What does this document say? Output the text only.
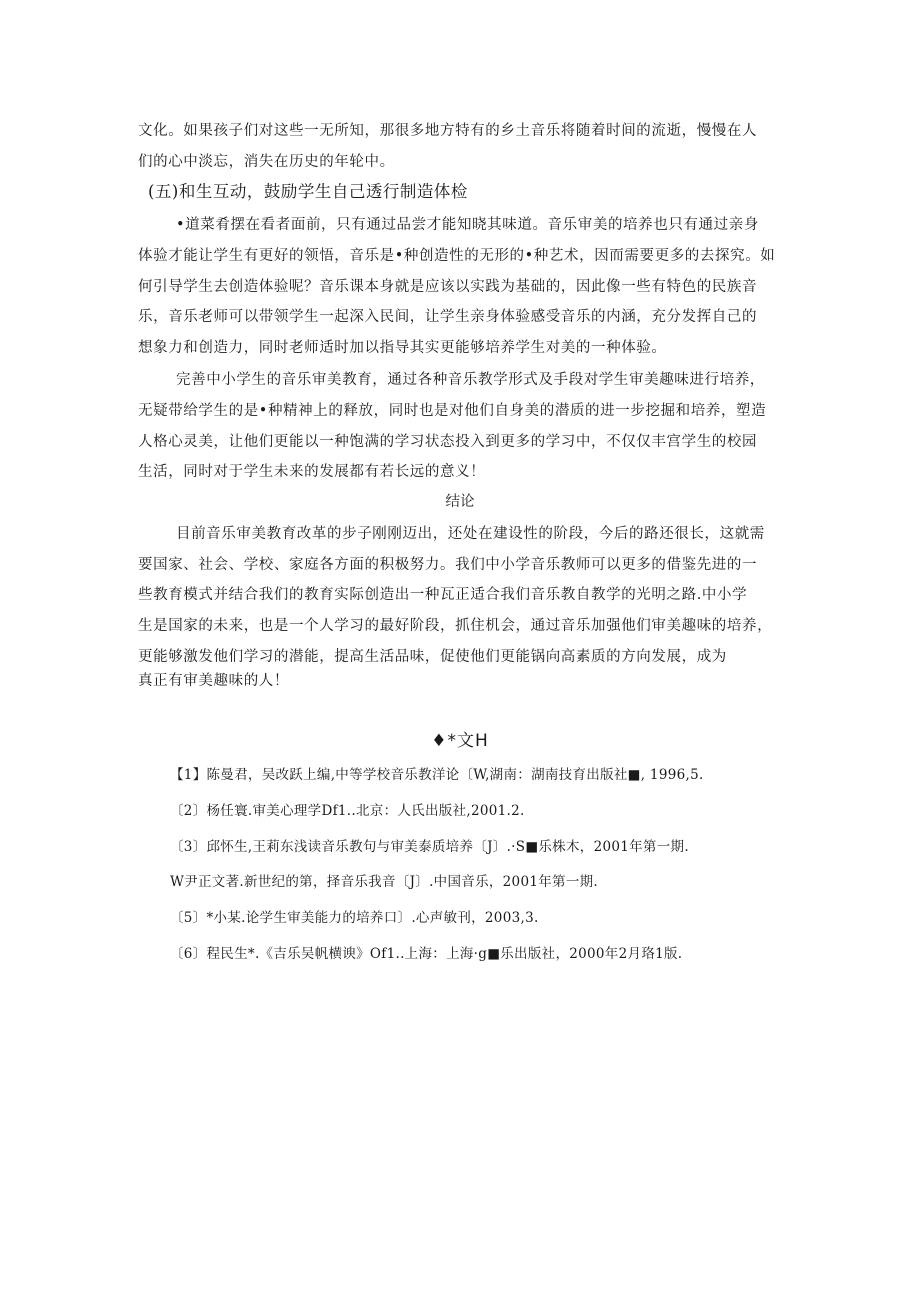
文化。如果孩子们对这些一无所知，那很多地方特有的乡土音乐将随着时间的流逝，慢慢在人
们的心中淡忘，消失在历史的年轮中。
(五)和生互动，鼓励学生自己透行制造体检
•道菜肴摆在看者面前，只有通过品尝才能知晓其味道。音乐审美的培养也只有通过亲身
体验才能让学生有更好的领悟，音乐是•种创造性的无形的•种艺术，因而需要更多的去探究。如
何引导学生去创造体验呢？音乐课本身就是应该以实践为基础的，因此像一些有特色的民族音
乐，音乐老师可以带领学生一起深入民间，让学生亲身体验感受音乐的内涵，充分发挥自己的
想象力和创造力，同时老师适时加以指导其实更能够培养学生对美的一种体验。
完善中小学生的音乐审美教育，通过各种音乐教学形式及手段对学生审美趣味进行培养，
无疑带给学生的是•种精神上的释放，同时也是对他们自身美的潜质的进一步挖掘和培养，塑造
人格心灵美，让他们更能以一种饱满的学习状态投入到更多的学习中，不仅仅丰宫学生的校园
生活，同时对于学生未来的发展都有若长远的意义！
结论
目前音乐审美教育改革的步子刚刚迈出，还处在建设性的阶段，今后的路还很长，这就需
要国家、社会、学校、家庭各方面的积极努力。我们中小学音乐教师可以更多的借鉴先进的一
些教育模式并结合我们的教育实际创造出一种瓦正适合我们音乐教自教学的光明之路.中小学
生是国家的未来，也是一个人学习的最好阶段，抓住机会，通过音乐加强他们审美趣味的培养，
更能够激发他们学习的潜能，提高生活品味，促使他们更能锅向高素质的方向发展，成为
真正有审美趣味的人！
♦*文H
【1】陈曼君，吴改跃上编,中等学校音乐教洋论〔W,湖南：湖南技育出版社■, 1996,5.
〔2〕杨任寰.审美心理学Df1..北京：人氏出版社,2001.2.
〔3〕邱怀生,王莉东浅读音乐教句与审美泰质培养〔J〕.·S■乐株木，2001年第一期.
W尹正文著.新世纪的第，择音乐我音〔J〕.中国音乐，2001年第一期.
〔5〕*小某.论学生审美能力的培养口〕.心声敏刊，2003,3.
〔6〕程民生*.《吉乐吴帆横谀》Of1..上海：上海·g■乐出版社，2000年2月珞1版.
